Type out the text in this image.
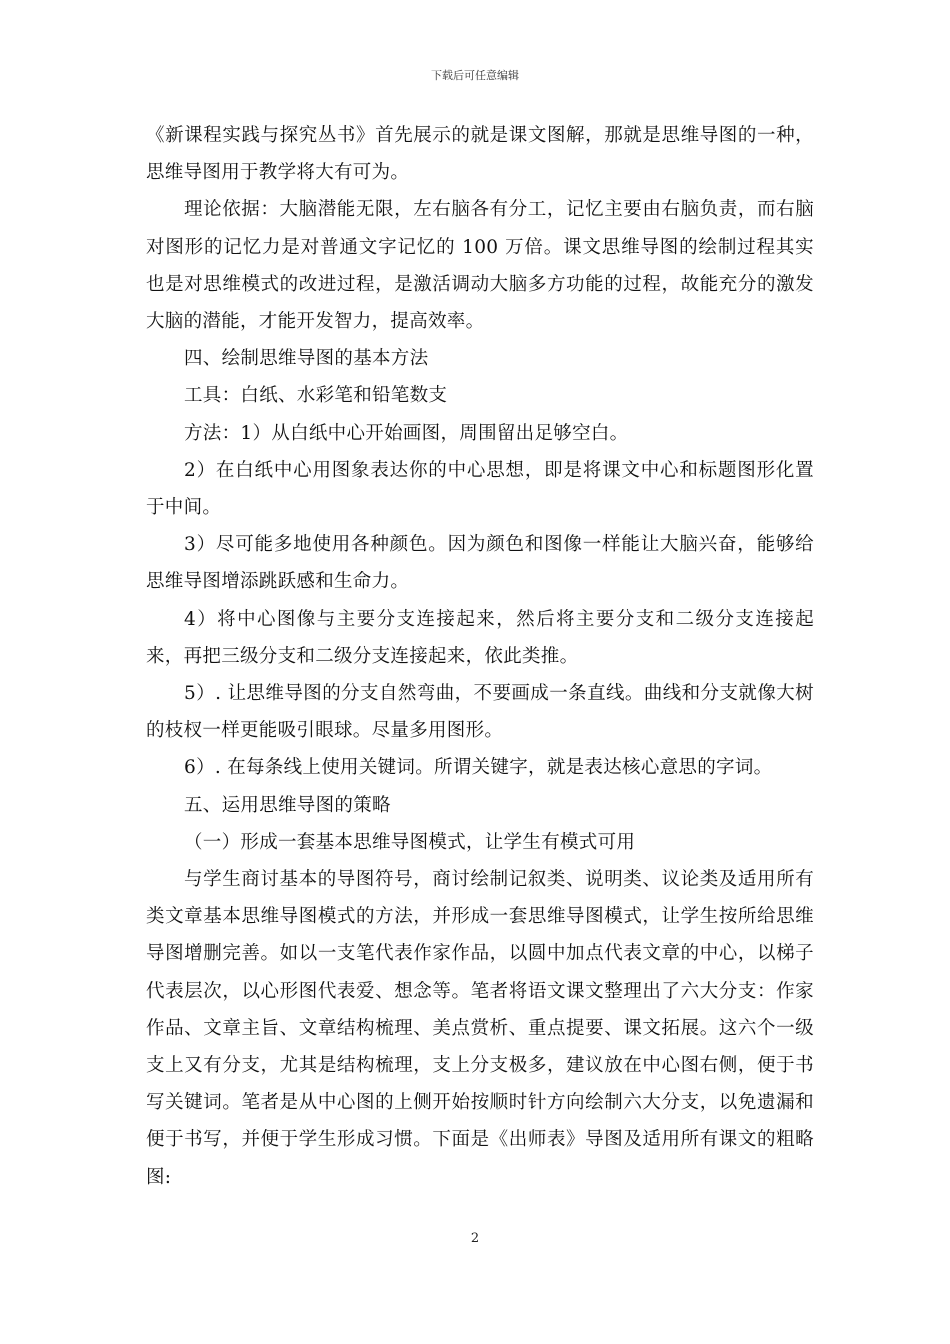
下载后可任意编辑

《新课程实践与探究丛书》首先展示的就是课文图解，那就是思维导图的一种，思维导图用于教学将大有可为。

理论依据：大脑潜能无限，左右脑各有分工，记忆主要由右脑负责，而右脑对图形的记忆力是对普通文字记忆的 100 万倍。课文思维导图的绘制过程其实也是对思维模式的改进过程，是激活调动大脑多方功能的过程，故能充分的激发大脑的潜能，才能开发智力，提高效率。

四、绘制思维导图的基本方法

工具：白纸、水彩笔和铅笔数支

方法：1）从白纸中心开始画图，周围留出足够空白。

2）在白纸中心用图象表达你的中心思想，即是将课文中心和标题图形化置于中间。

3）尽可能多地使用各种颜色。因为颜色和图像一样能让大脑兴奋，能够给思维导图增添跳跃感和生命力。

4）将中心图像与主要分支连接起来，然后将主要分支和二级分支连接起来，再把三级分支和二级分支连接起来，依此类推。

5）. 让思维导图的分支自然弯曲，不要画成一条直线。曲线和分支就像大树的枝杈一样更能吸引眼球。尽量多用图形。

6）. 在每条线上使用关键词。所谓关键字，就是表达核心意思的字词。

五、运用思维导图的策略

（一）形成一套基本思维导图模式，让学生有模式可用

与学生商讨基本的导图符号，商讨绘制记叙类、说明类、议论类及适用所有类文章基本思维导图模式的方法，并形成一套思维导图模式，让学生按所给思维导图增删完善。如以一支笔代表作家作品，以圆中加点代表文章的中心，以梯子代表层次，以心形图代表爱、想念等。笔者将语文课文整理出了六大分支：作家作品、文章主旨、文章结构梳理、美点赏析、重点提要、课文拓展。这六个一级支上又有分支，尤其是结构梳理，支上分支极多，建议放在中心图右侧，便于书写关键词。笔者是从中心图的上侧开始按顺时针方向绘制六大分支，以免遗漏和便于书写，并便于学生形成习惯。下面是《出师表》导图及适用所有课文的粗略图:

2
